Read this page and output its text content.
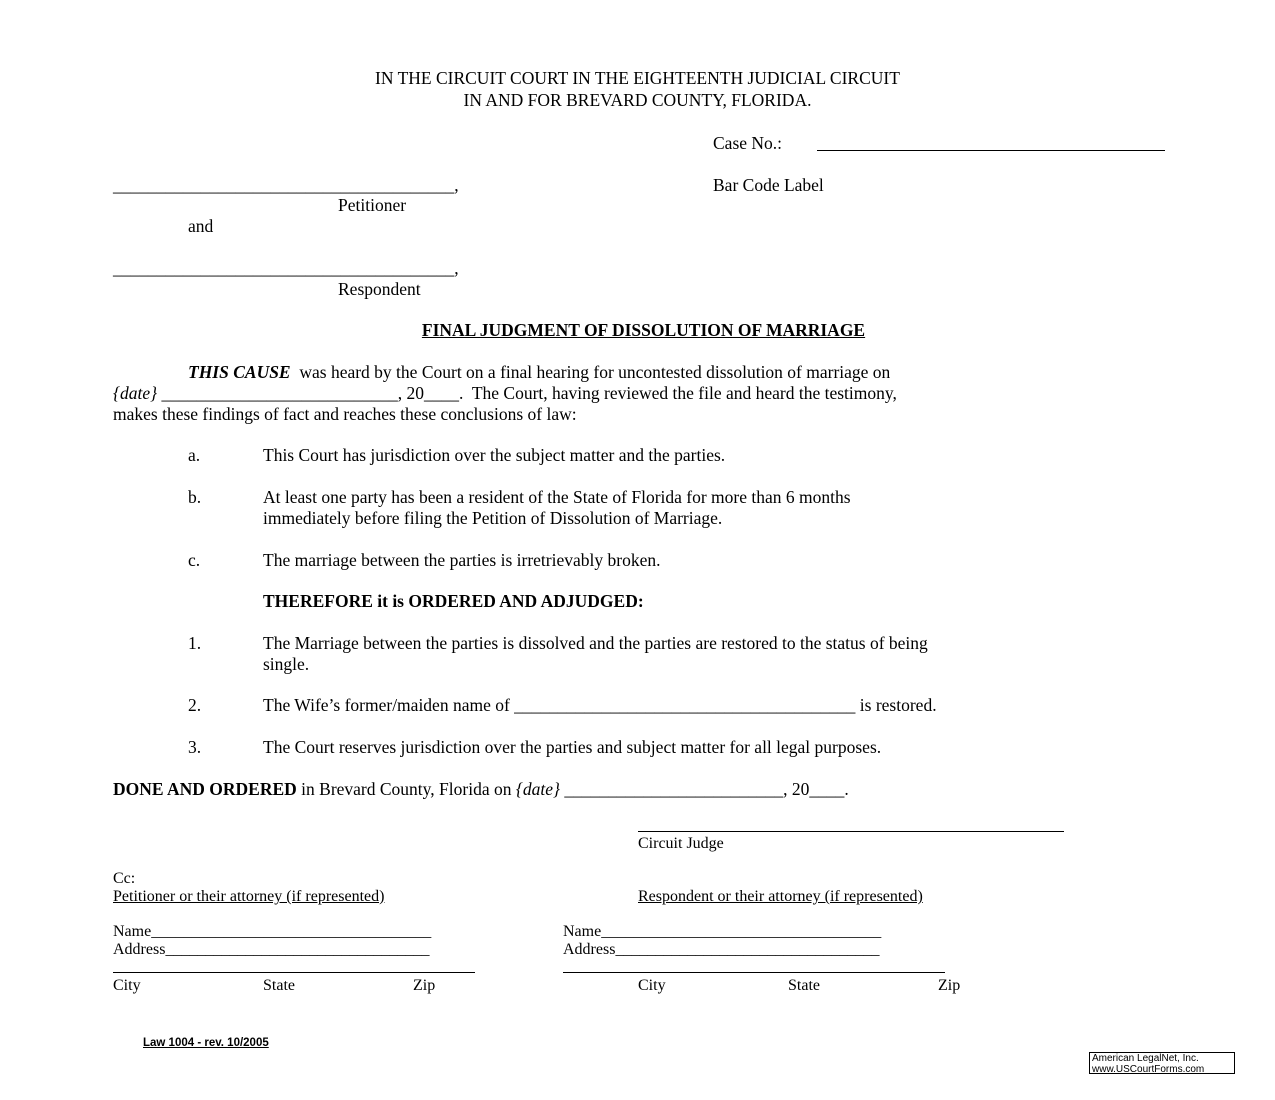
IN THE CIRCUIT COURT IN THE EIGHTEENTH JUDICIAL CIRCUIT
IN AND FOR BREVARD COUNTY, FLORIDA.
Case No.:
_______________________________________,	Bar Code Label
Petitioner
and
_______________________________________,
Respondent
FINAL JUDGMENT OF DISSOLUTION OF MARRIAGE
THIS CAUSE  was heard by the Court on a final hearing for uncontested dissolution of marriage on
{date} ___________________________, 20____.  The Court, having reviewed the file and heard the testimony,
makes these findings of fact and reaches these conclusions of law:
a.	This Court has jurisdiction over the subject matter and the parties.
b.	At least one party has been a resident of the State of Florida for more than 6 months
immediately before filing the Petition of Dissolution of Marriage.
c.	The marriage between the parties is irretrievably broken.
THEREFORE it is ORDERED AND ADJUDGED:
1.	The Marriage between the parties is dissolved and the parties are restored to the status of being
single.
2.	The Wife’s former/maiden name of _______________________________________ is restored.
3.	The Court reserves jurisdiction over the parties and subject matter for all legal purposes.
DONE AND ORDERED in Brevard County, Florida on {date} _________________________, 20____.
Circuit Judge
Cc:
Petitioner or their attorney (if represented)	Respondent or their attorney (if represented)
Name___________________________________
Address_________________________________
City	State	Zip
Name___________________________________
Address_________________________________
City	State	Zip
Law 1004 - rev. 10/2005
American LegalNet, Inc.
www.USCourtForms.com
